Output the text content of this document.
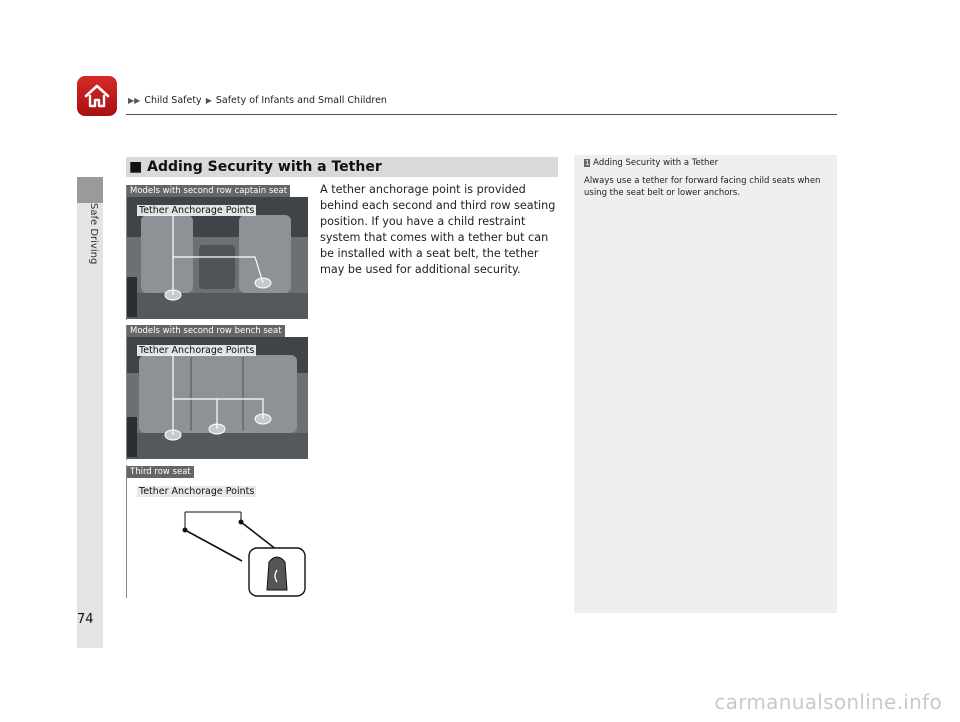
▶▶ Child Safety ▶ Safety of Infants and Small Children
Safe Driving
■ Adding Security with a Tether
A tether anchorage point is provided behind each second and third row seating position. If you have a child restraint system that comes with a tether but can be installed with a seat belt, the tether may be used for additional security.
Models with second row captain seat
Tether Anchorage Points
Models with second row bench seat
Tether Anchorage Points
Third row seat
Tether Anchorage Points
1 Adding Security with a Tether
Always use a tether for forward facing child seats when using the seat belt or lower anchors.
74
carmanualsonline.info
